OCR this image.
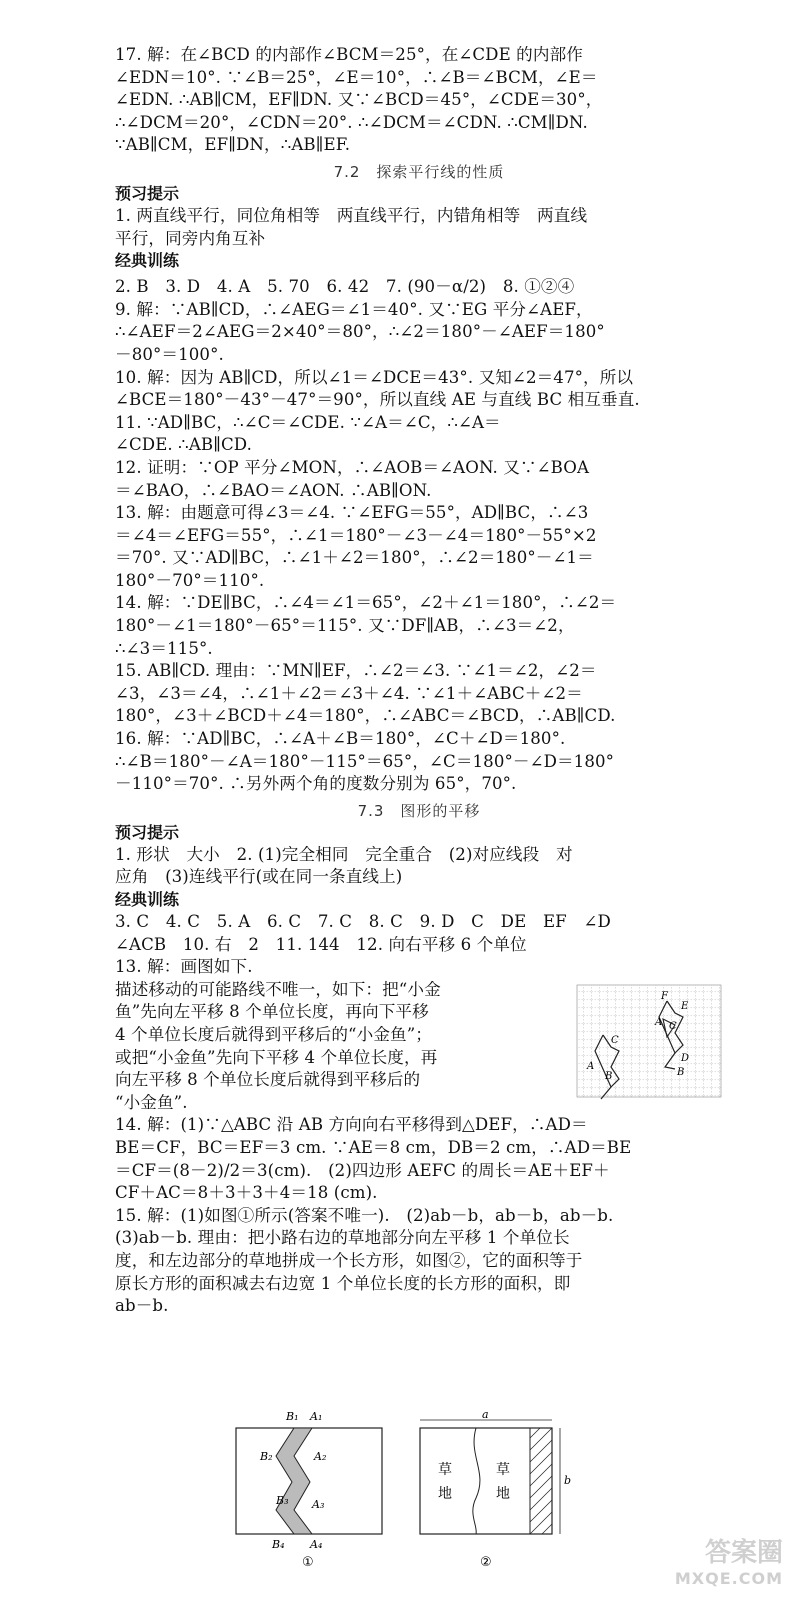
17. 解：在∠BCD 的内部作∠BCM＝25°，在∠CDE 的内部作

∠EDN＝10°. ∵∠B＝25°，∠E＝10°，∴∠B＝∠BCM，∠E＝

∠EDN. ∴AB∥CM，EF∥DN. 又∵∠BCD＝45°，∠CDE＝30°，

∴∠DCM＝20°，∠CDN＝20°. ∴∠DCM＝∠CDN. ∴CM∥DN.

∵AB∥CM，EF∥DN，∴AB∥EF.

7.2　探索平行线的性质

预习提示

1. 两直线平行，同位角相等　两直线平行，内错角相等　两直线

平行，同旁内角互补

经典训练

2. B　3. D　4. A　5. 70　6. 42　7. (90－α/2)　8. ①②④

9. 解：∵AB∥CD，∴∠AEG＝∠1＝40°. 又∵EG 平分∠AEF，

∴∠AEF＝2∠AEG＝2×40°＝80°，∴∠2＝180°－∠AEF＝180°

－80°＝100°.

10. 解：因为 AB∥CD，所以∠1＝∠DCE＝43°. 又知∠2＝47°，所以

∠BCE＝180°－43°－47°＝90°，所以直线 AE 与直线 BC 相互垂直.

11. ∵AD∥BC，∴∠C＝∠CDE. ∵∠A＝∠C，∴∠A＝

∠CDE. ∴AB∥CD.

12. 证明：∵OP 平分∠MON，∴∠AOB＝∠AON. 又∵∠BOA

＝∠BAO，∴∠BAO＝∠AON. ∴AB∥ON.

13. 解：由题意可得∠3＝∠4. ∵∠EFG＝55°，AD∥BC，∴∠3

＝∠4＝∠EFG＝55°，∴∠1＝180°－∠3－∠4＝180°－55°×2

＝70°. 又∵AD∥BC，∴∠1＋∠2＝180°，∴∠2＝180°－∠1＝

180°－70°＝110°.

14. 解：∵DE∥BC，∴∠4＝∠1＝65°，∠2＋∠1＝180°，∴∠2＝

180°－∠1＝180°－65°＝115°. 又∵DF∥AB，∴∠3＝∠2，

∴∠3＝115°.

15. AB∥CD. 理由：∵MN∥EF，∴∠2＝∠3. ∵∠1＝∠2，∠2＝

∠3，∠3＝∠4，∴∠1＋∠2＝∠3＋∠4. ∵∠1＋∠ABC＋∠2＝

180°，∠3＋∠BCD＋∠4＝180°，∴∠ABC＝∠BCD，∴AB∥CD.

16. 解：∵AD∥BC，∴∠A＋∠B＝180°，∠C＋∠D＝180°.

∴∠B＝180°－∠A＝180°－115°＝65°，∠C＝180°－∠D＝180°

－110°＝70°. ∴另外两个角的度数分别为 65°，70°.

7.3　图形的平移

预习提示

1. 形状　大小　2. (1)完全相同　完全重合　(2)对应线段　对

应角　(3)连线平行(或在同一条直线上)

经典训练

3. C　4. C　5. A　6. C　7. C　8. C　9. D　C　DE　EF　∠D

∠ACB　10. 右　2　11. 144　12. 向右平移 6 个单位

13. 解：画图如下.

描述移动的可能路线不唯一，如下：把“小金

鱼”先向左平移 8 个单位长度，再向下平移

4 个单位长度后就得到平移后的“小金鱼”；

或把“小金鱼”先向下平移 4 个单位长度，再

向左平移 8 个单位长度后就得到平移后的

“小金鱼”.

F
E
A C
D
B
A
B
C

14. 解：(1)∵△ABC 沿 AB 方向向右平移得到△DEF，∴AD＝

BE＝CF，BC＝EF＝3 cm. ∵AE＝8 cm，DB＝2 cm，∴AD＝BE

＝CF＝(8－2)/2＝3(cm).　(2)四边形 AEFC 的周长＝AE＋EF＋

CF＋AC＝8＋3＋3＋4＝18 (cm).

15. 解：(1)如图①所示(答案不唯一).　(2)ab－b，ab－b，ab－b.

(3)ab－b. 理由：把小路右边的草地部分向左平移 1 个单位长

度，和左边部分的草地拼成一个长方形，如图②，它的面积等于

原长方形的面积减去右边宽 1 个单位长度的长方形的面积，即

ab－b.

B₁ A₁
B₂	A₂
B₃ A₃
B₄ A₄
①
a
b
草
地
草
地
②	答案圈
MXQE.COM
